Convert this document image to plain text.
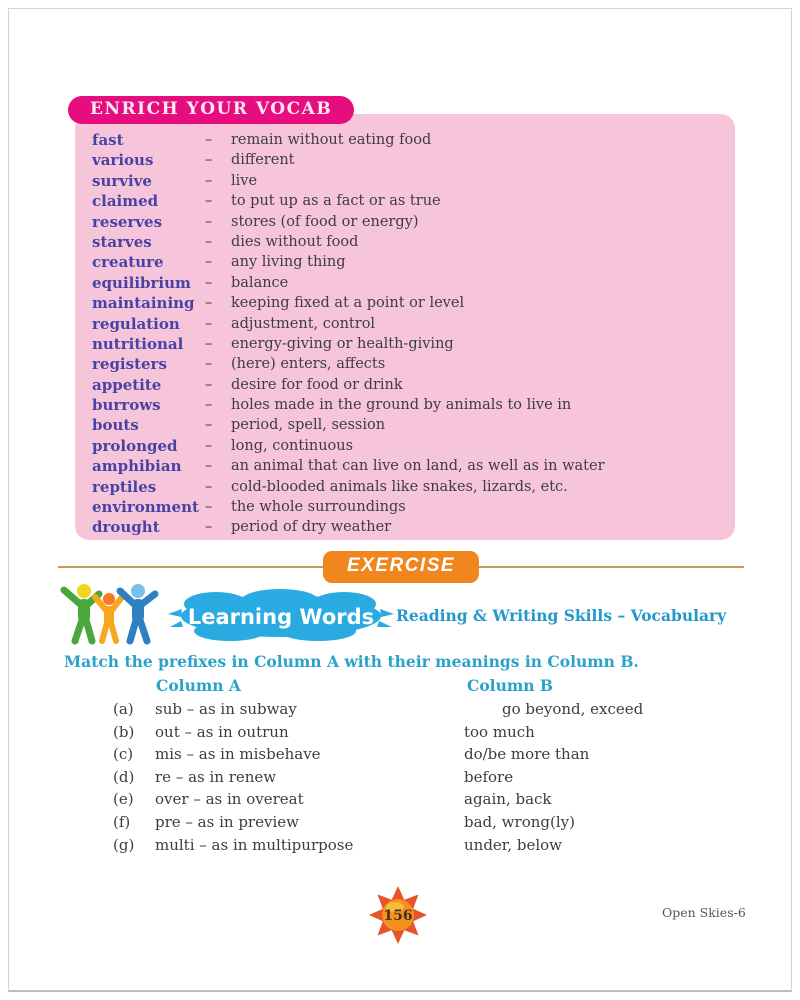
ENRICH YOUR VOCAB
fast	–	remain without eating food
various	–	different
survive	–	live
claimed	–	to put up as a fact or as true
reserves	–	stores (of food or energy)
starves	–	dies without food
creature	–	any living thing
equilibrium –	balance
maintaining –	keeping fixed at a point or level
regulation	–	adjustment, control
nutritional	–	energy-giving or health-giving
registers	–	(here) enters, affects
appetite	–	desire for food or drink
burrows	–	holes made in the ground by animals to live in
bouts	–	period, spell, session
prolonged	–	long, continuous
amphibian	–	an animal that can live on land, as well as in water
reptiles	–	cold-blooded animals like snakes, lizards, etc.
environment –	the whole surroundings
drought	–	period of dry weather
EXERCISE
Learning Words Reading & Writing Skills – Vocabulary
Match the prefixes in Column A with their meanings in Column B.
Column A	Column B
(a) sub – as in subway	go beyond, exceed
(b) out – as in outrun	too much
(c) mis – as in misbehave	do/be more than
(d) re – as in renew	before
(e) over – as in overeat	again, back
(f) pre – as in preview	bad, wrong(ly)
(g) multi – as in multipurpose	under, below
156	Open Skies-6
